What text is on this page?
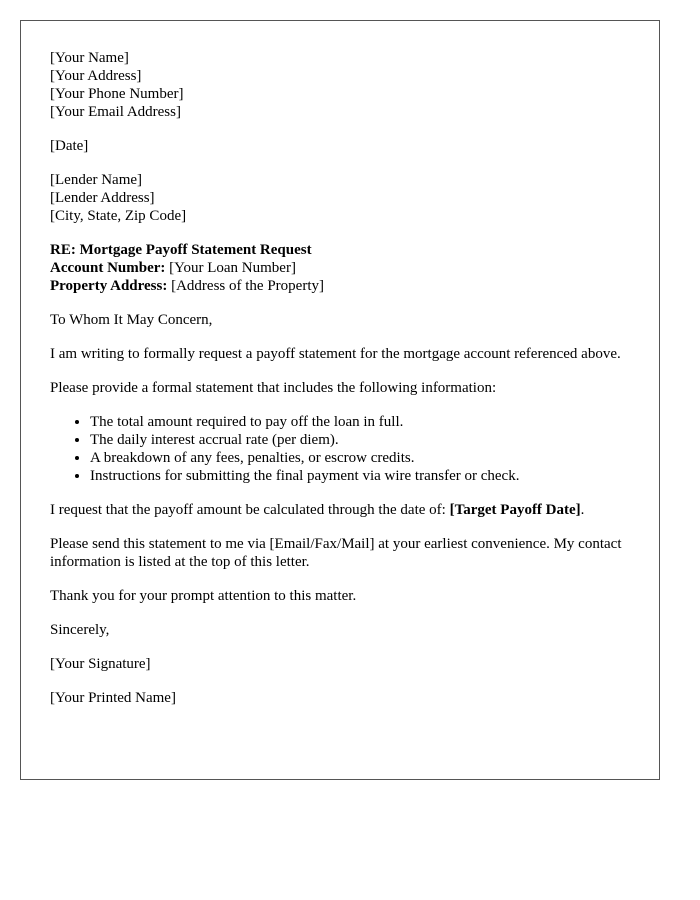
[Your Name]
[Your Address]
[Your Phone Number]
[Your Email Address]

[Date]

[Lender Name]
[Lender Address]
[City, State, Zip Code]
RE: Mortgage Payoff Statement Request
Account Number: [Your Loan Number]
Property Address: [Address of the Property]

To Whom It May Concern,

I am writing to formally request a payoff statement for the mortgage account referenced above.

Please provide a formal statement that includes the following information:

• The total amount required to pay off the loan in full.
• The daily interest accrual rate (per diem).
• A breakdown of any fees, penalties, or escrow credits.
• Instructions for submitting the final payment via wire transfer or check.

I request that the payoff amount be calculated through the date of: [Target Payoff Date].

Please send this statement to me via [Email/Fax/Mail] at your earliest convenience. My contact information is listed at the top of this letter.

Thank you for your prompt attention to this matter.

Sincerely,

[Your Signature]

[Your Printed Name]
